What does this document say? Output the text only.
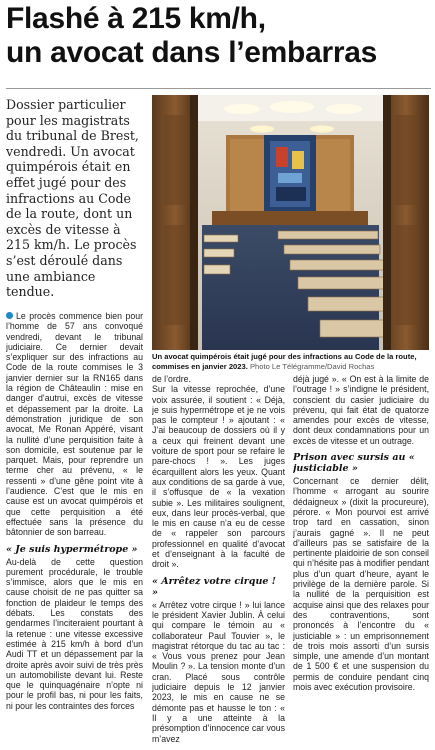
Flashé à 215 km/h,
un avocat dans l’embarras

Dossier particulier pour les magistrats du tribunal de Brest, vendredi. Un avocat quimpérois était en effet jugé pour des infractions au Code de la route, dont un excès de vitesse à 215 km/h. Le procès s’est déroulé dans une ambiance tendue.

Un avocat quimpérois était jugé pour des infractions au Code de la route, commises en janvier 2023. Photo Le Télégramme/David Rochas

Le procès commence bien pour l’homme de 57 ans convoqué vendredi, devant le tribunal judiciaire. Ce dernier devait s’expliquer sur des infractions au Code de la route commises le 3 janvier dernier sur la RN165 dans la région de Châteaulin : mise en danger d’autrui, excès de vitesse et dépassement par la droite. La démonstration juridique de son avocat, Me Ronan Appéré, visant la nullité d’une perquisition faite à son domicile, est soutenue par le parquet. Mais, pour reprendre un terme cher au prévenu, « le ressenti » d’une gêne point vite à l’audience. C’est que le mis en cause est un avocat quimpérois et que cette perquisition a été effectuée sans la présence du bâtonnier de son barreau.

« Je suis hypermétrope »

Au-delà de cette question purement procédurale, le trouble s’immisce, alors que le mis en cause choisit de ne pas quitter sa fonction de plaideur le temps des débats. Les constats des gendarmes l’inciteraient pourtant à la retenue : une vitesse excessive estimée à 215 km/h à bord d’un Audi TT et un dépassement par la droite après avoir suivi de très près un automobiliste devant lui. Reste que le quinquagénaire n’opte ni pour le profil bas, ni pour les faits, ni pour les contraintes des forces

de l’ordre.

Sur la vitesse reprochée, d’une voix assurée, il soutient : « Déjà, je suis hypermétrope et je ne vois pas le compteur ! » ajoutant : « J’ai beaucoup de dossiers où il y a ceux qui freinent devant une voiture de sport pour se refaire le pare-chocs ! ». Les juges écarquillent alors les yeux. Quant aux conditions de sa garde à vue, il s’offusque de « la vexation subie ». Les militaires soulignent, eux, dans leur procès-verbal, que le mis en cause n’a eu de cesse de « rappeler son parcours professionnel en qualité d’avocat et d’enseignant à la faculté de droit ».

« Arrêtez votre cirque ! »

« Arrêtez votre cirque ! » lui lance le président Xavier Jublin. À celui qui compare le témoin au « collaborateur Paul Touvier », le magistrat rétorque du tac au tac : « Vous vous prenez pour Jean Moulin ? ». La tension monte d’un cran. Placé sous contrôle judiciaire depuis le 12 janvier 2023, le mis en cause ne se démonte pas et hausse le ton : « Il y a une atteinte à la présomption d’innocence car vous m’avez

déjà jugé ». « On est à la limite de l’outrage ! » s’indigne le président, conscient du casier judiciaire du prévenu, qui fait état de quatorze amendes pour excès de vitesse, dont deux condamnations pour un excès de vitesse et un outrage.

Prison avec sursis au « justiciable »

Concernant ce dernier délit, l’homme « arrogant au sourire dédaigneux » (dixit la procureure), pérore. « Mon pourvoi est arrivé trop tard en cassation, sinon j’aurais gagné ». Il ne peut d’ailleurs pas se satisfaire de la pertinente plaidoirie de son conseil qui n’hésite pas à modifier pendant plus d’un quart d’heure, ayant le privilège de la dernière parole. Si la nullité de la perquisition est acquise ainsi que des relaxes pour des contraventions, sont prononcés à l’encontre du « justiciable » : un emprisonnement de trois mois assorti d’un sursis simple, une amende d’un montant de 1 500 € et une suspension du permis de conduire pendant cinq mois avec exécution provisoire.
